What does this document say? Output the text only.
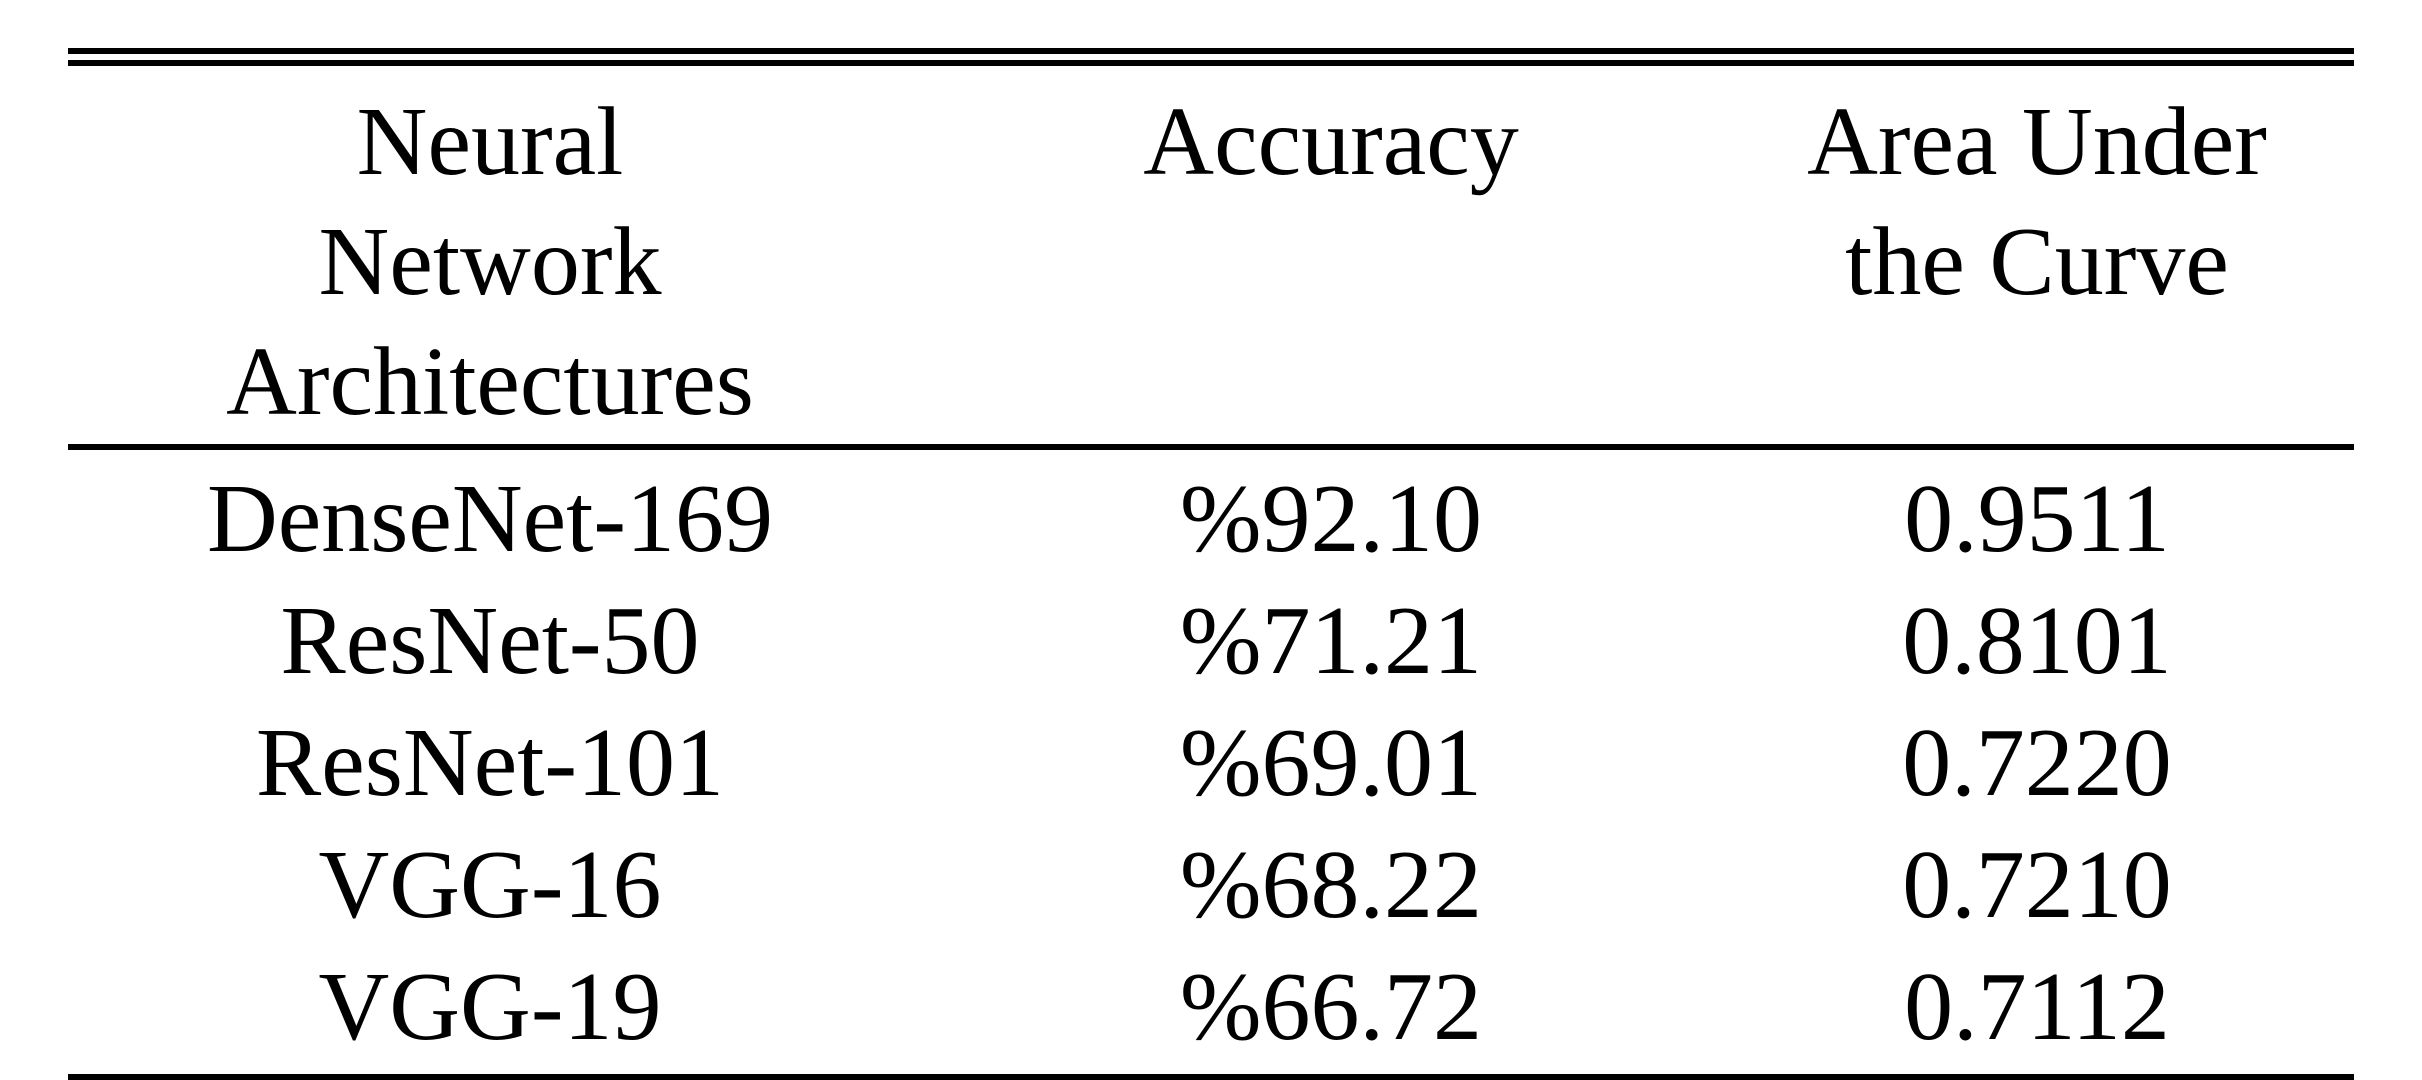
Neural
Network
Architectures	Accuracy	Area Under
the Curve

DenseNet-169	%92.10	0.9511
ResNet-50	%71.21	0.8101
ResNet-101	%69.01	0.7220
VGG-16	%68.22	0.7210
VGG-19	%66.72	0.7112
